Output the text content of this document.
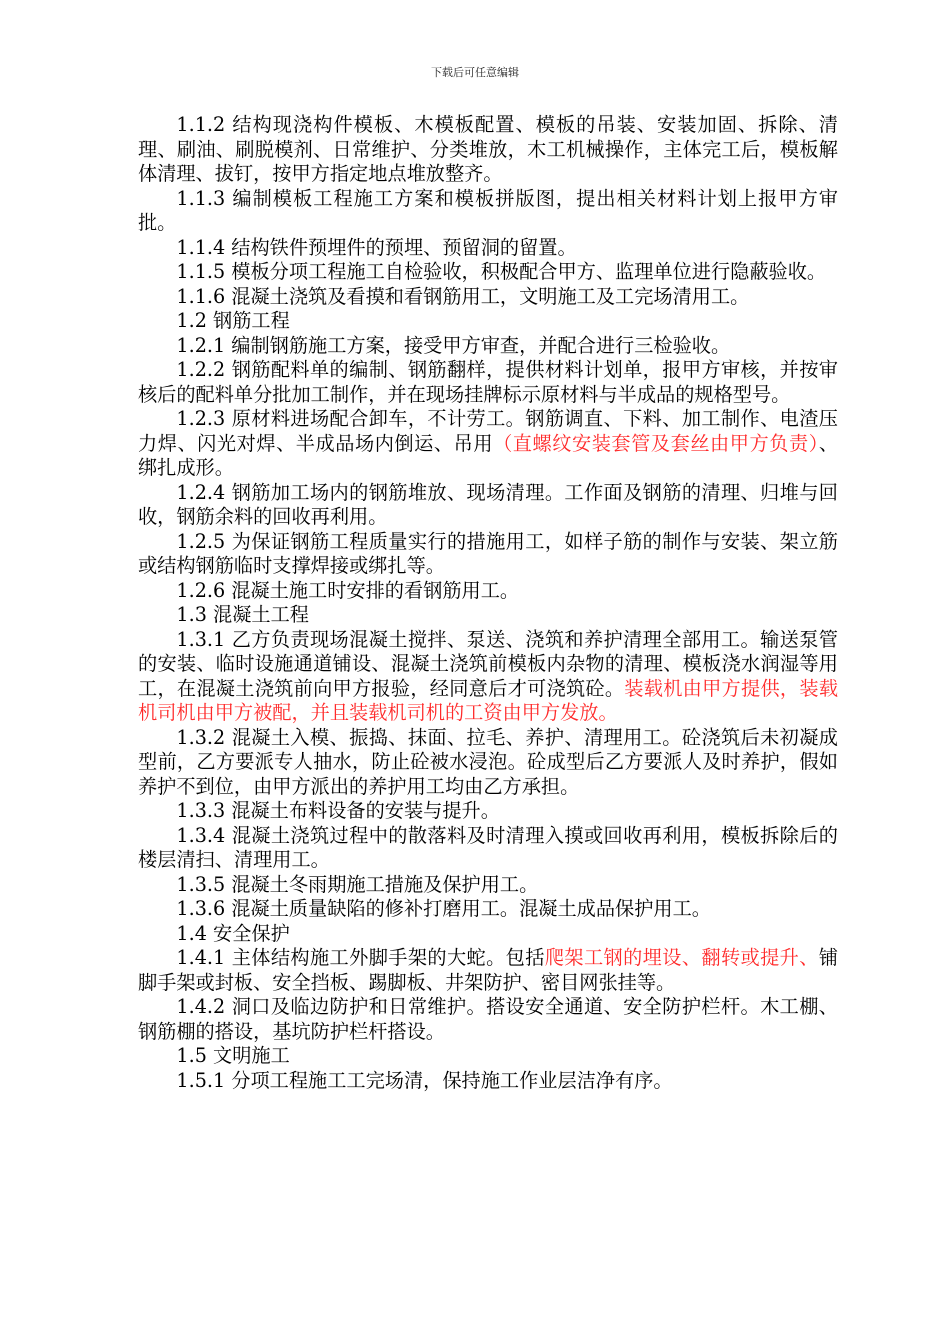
下载后可任意编辑

1.1.2 结构现浇构件模板、木模板配置、模板的吊装、安装加固、拆除、清理、刷油、刷脱模剂、日常维护、分类堆放，木工机械操作，主体完工后，模板解体清理、拔钉，按甲方指定地点堆放整齐。

1.1.3 编制模板工程施工方案和模板拼版图，提出相关材料计划上报甲方审批。

1.1.4 结构铁件预埋件的预埋、预留洞的留置。

1.1.5 模板分项工程施工自检验收，积极配合甲方、监理单位进行隐蔽验收。

1.1.6 混凝土浇筑及看摸和看钢筋用工，文明施工及工完场清用工。

1.2 钢筋工程

1.2.1 编制钢筋施工方案，接受甲方审查，并配合进行三检验收。

1.2.2 钢筋配料单的编制、钢筋翻样，提供材料计划单，报甲方审核，并按审核后的配料单分批加工制作，并在现场挂牌标示原材料与半成品的规格型号。

1.2.3 原材料进场配合卸车，不计劳工。钢筋调直、下料、加工制作、电渣压力焊、闪光对焊、半成品场内倒运、吊用（直螺纹安装套管及套丝由甲方负责）、绑扎成形。

1.2.4 钢筋加工场内的钢筋堆放、现场清理。工作面及钢筋的清理、归堆与回收，钢筋余料的回收再利用。

1.2.5 为保证钢筋工程质量实行的措施用工，如样子筋的制作与安装、架立筋或结构钢筋临时支撑焊接或绑扎等。

1.2.6 混凝土施工时安排的看钢筋用工。

1.3 混凝土工程

1.3.1 乙方负责现场混凝土搅拌、泵送、浇筑和养护清理全部用工。输送泵管的安装、临时设施通道铺设、混凝土浇筑前模板内杂物的清理、模板浇水润湿等用工，在混凝土浇筑前向甲方报验，经同意后才可浇筑砼。装载机由甲方提供，装载机司机由甲方被配，并且装载机司机的工资由甲方发放。

1.3.2 混凝土入模、振捣、抹面、拉毛、养护、清理用工。砼浇筑后未初凝成型前，乙方要派专人抽水，防止砼被水浸泡。砼成型后乙方要派人及时养护，假如养护不到位，由甲方派出的养护用工均由乙方承担。

1.3.3 混凝土布料设备的安装与提升。

1.3.4 混凝土浇筑过程中的散落料及时清理入摸或回收再利用，模板拆除后的楼层清扫、清理用工。

1.3.5 混凝土冬雨期施工措施及保护用工。

1.3.6 混凝土质量缺陷的修补打磨用工。混凝土成品保护用工。

1.4 安全保护

1.4.1 主体结构施工外脚手架的大蛇。包括爬架工钢的埋设、翻转或提升、铺脚手架或封板、安全挡板、踢脚板、井架防护、密目网张挂等。

1.4.2 洞口及临边防护和日常维护。搭设安全通道、安全防护栏杆。木工棚、钢筋棚的搭设，基坑防护栏杆搭设。

1.5 文明施工

1.5.1 分项工程施工工完场清，保持施工作业层洁净有序。
